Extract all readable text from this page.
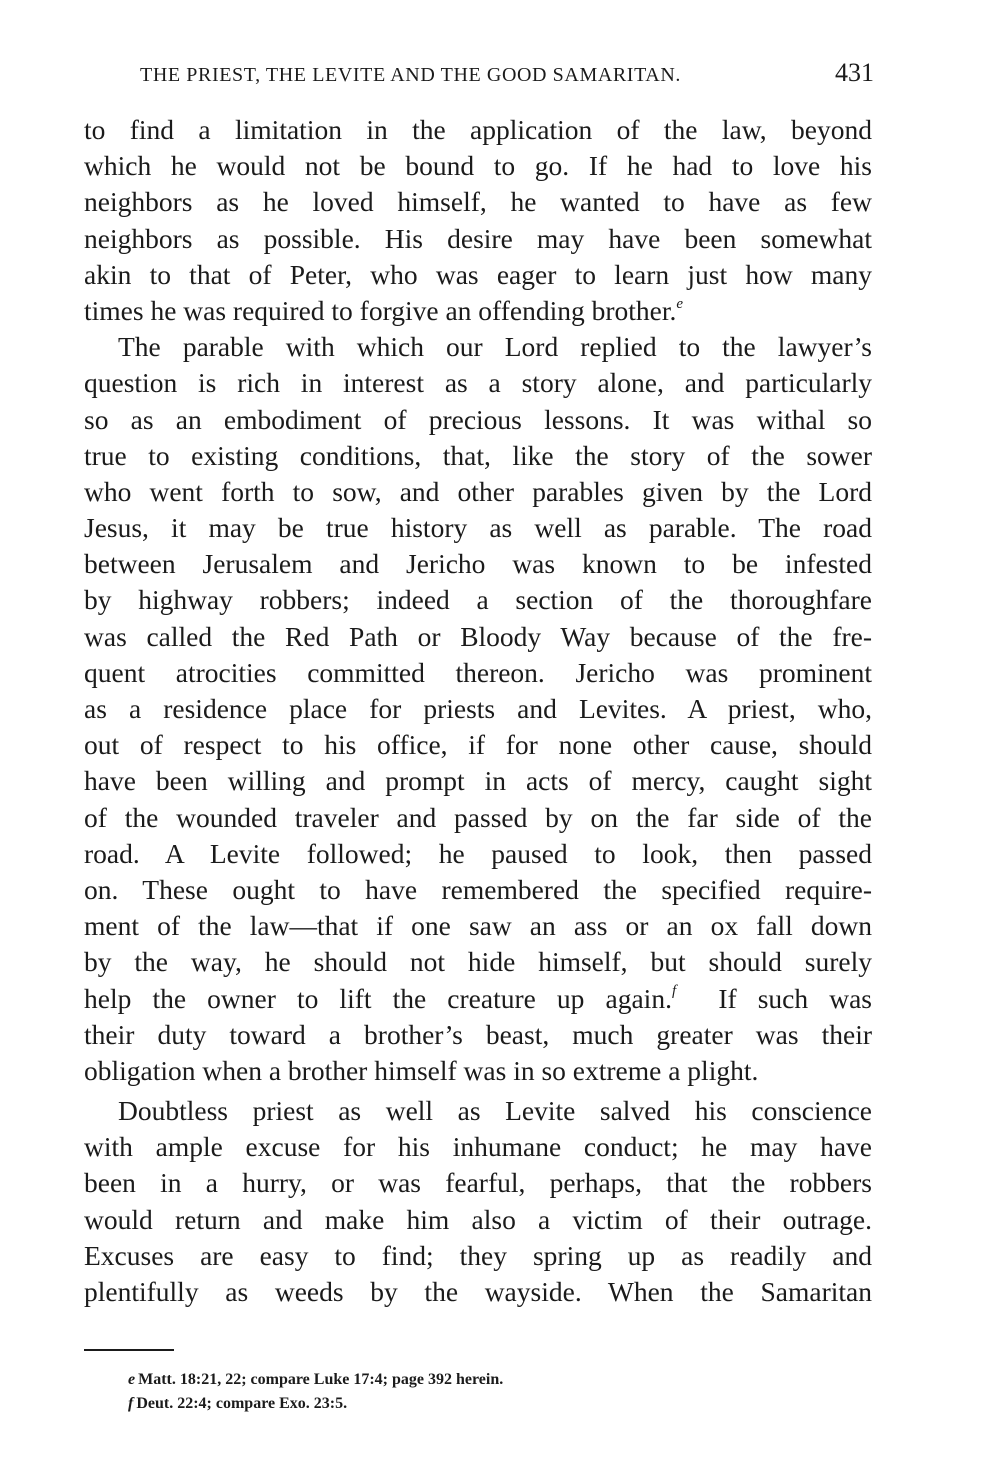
THE PRIEST, THE LEVITE AND THE GOOD SAMARITAN.	431
to find a limitation in the application of the law, beyond
which he would not be bound to go. If he had to love his
neighbors as he loved himself, he wanted to have as few
neighbors as possible. His desire may have been somewhat
akin to that of Peter, who was eager to learn just how many
times he was required to forgive an offending brother.$^e$
The parable with which our Lord replied to the lawyer’s
question is rich in interest as a story alone, and particularly
so as an embodiment of precious lessons. It was withal so
true to existing conditions, that, like the story of the sower
who went forth to sow, and other parables given by the Lord
Jesus, it may be true history as well as parable. The road
between Jerusalem and Jericho was known to be infested
by highway robbers; indeed a section of the thoroughfare
was called the Red Path or Bloody Way because of the fre-
quent atrocities committed thereon. Jericho was prominent
as a residence place for priests and Levites. A priest, who,
out of respect to his office, if for none other cause, should
have been willing and prompt in acts of mercy, caught sight
of the wounded traveler and passed by on the far side of the
road. A Levite followed; he paused to look, then passed
on. These ought to have remembered the specified require-
ment of the law—that if one saw an ass or an ox fall down
by the way, he should not hide himself, but should surely
help the owner to lift the creature up again.$^f$  If such was
their duty toward a brother’s beast, much greater was their
obligation when a brother himself was in so extreme a plight.
Doubtless priest as well as Levite salved his conscience
with ample excuse for his inhumane conduct; he may have
been in a hurry, or was fearful, perhaps, that the robbers
would return and make him also a victim of their outrage.
Excuses are easy to find; they spring up as readily and
plentifully as weeds by the wayside. When the Samaritan
e Matt. 18:21, 22; compare Luke 17:4; page 392 herein.
f Deut. 22:4; compare Exo. 23:5.
